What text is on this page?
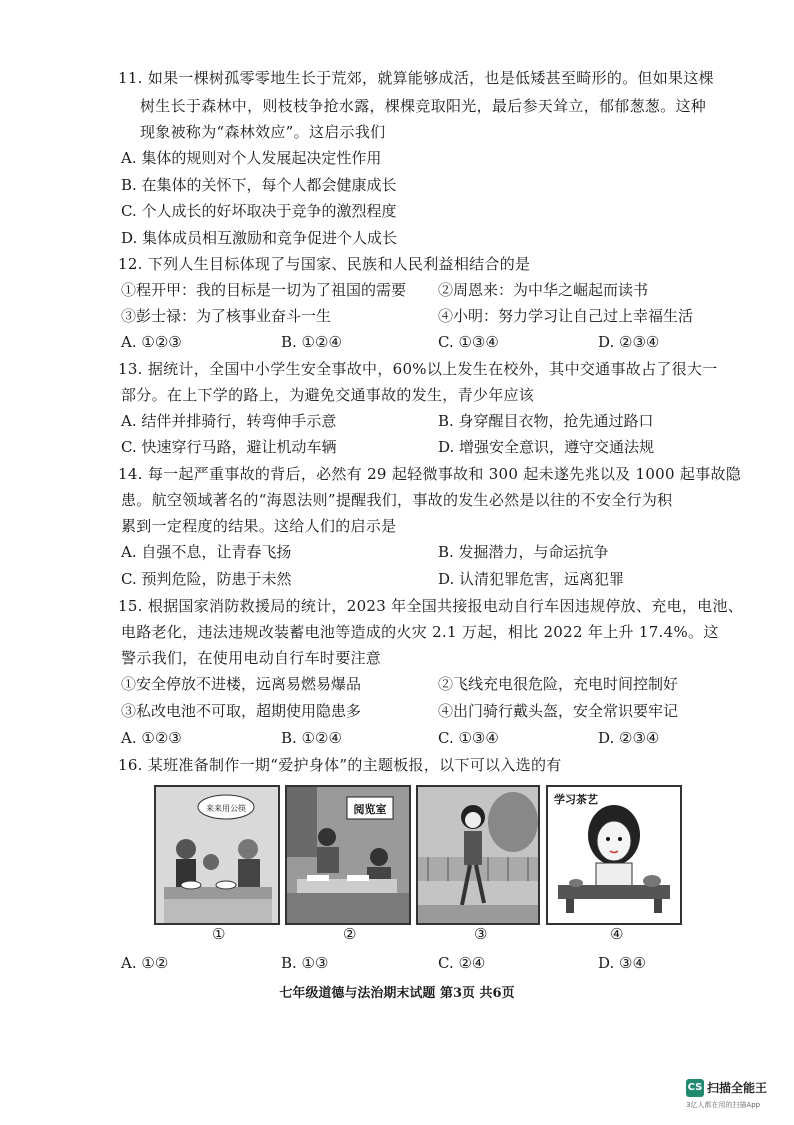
11. 如果一棵树孤零零地生长于荒郊，就算能够成活，也是低矮甚至畸形的。但如果这棵
树生长于森林中，则枝枝争抢水露，棵棵竞取阳光，最后参天耸立，郁郁葱葱。这种
现象被称为“森林效应”。这启示我们
A. 集体的规则对个人发展起决定性作用
B. 在集体的关怀下，每个人都会健康成长
C. 个人成长的好坏取决于竞争的激烈程度
D. 集体成员相互激励和竞争促进个人成长
12. 下列人生目标体现了与国家、民族和人民利益相结合的是
①程开甲：我的目标是一切为了祖国的需要 ②周恩来：为中华之崛起而读书
③彭士禄：为了核事业奋斗一生	④小明：努力学习让自己过上幸福生活
A. ①②③	B. ①②④	C. ①③④	D. ②③④
13. 据统计，全国中小学生安全事故中，60%以上发生在校外，其中交通事故占了很大一
部分。在上下学的路上，为避免交通事故的发生，青少年应该
A. 结伴并排骑行，转弯伸手示意	B. 身穿醒目衣物，抢先通过路口
C. 快速穿行马路，避让机动车辆	D. 增强安全意识，遵守交通法规
14. 每一起严重事故的背后，必然有 29 起轻微事故和 300 起未遂先兆以及 1000 起事故隐
患。航空领域著名的“海恩法则”提醒我们，事故的发生必然是以往的不安全行为积
累到一定程度的结果。这给人们的启示是
A. 自强不息，让青春飞扬	B. 发掘潜力，与命运抗争
C. 预判危险，防患于未然	D. 认清犯罪危害，远离犯罪
15. 根据国家消防救援局的统计，2023 年全国共接报电动自行车因违规停放、充电，电池、
电路老化，违法违规改装蓄电池等造成的火灾 2.1 万起，相比 2022 年上升 17.4%。这
警示我们，在使用电动自行车时要注意
①安全停放不进楼，远离易燃易爆品	②飞线充电很危险，充电时间控制好
③私改电池不可取，超期使用隐患多	④出门骑行戴头盔，安全常识要牢记
A. ①②③	B. ①②④	C. ①③④	D. ②③④
16. 某班准备制作一期“爱护身体”的主题板报，以下可以入选的有
来来用公筷	阅览室
学习茶艺
①	②	③	④
A. ①②	B. ①③	C. ②④	D. ③④
七年级道德与法治期末试题 第3页 共6页
CS 扫描全能王
3亿人都在用的扫描App
